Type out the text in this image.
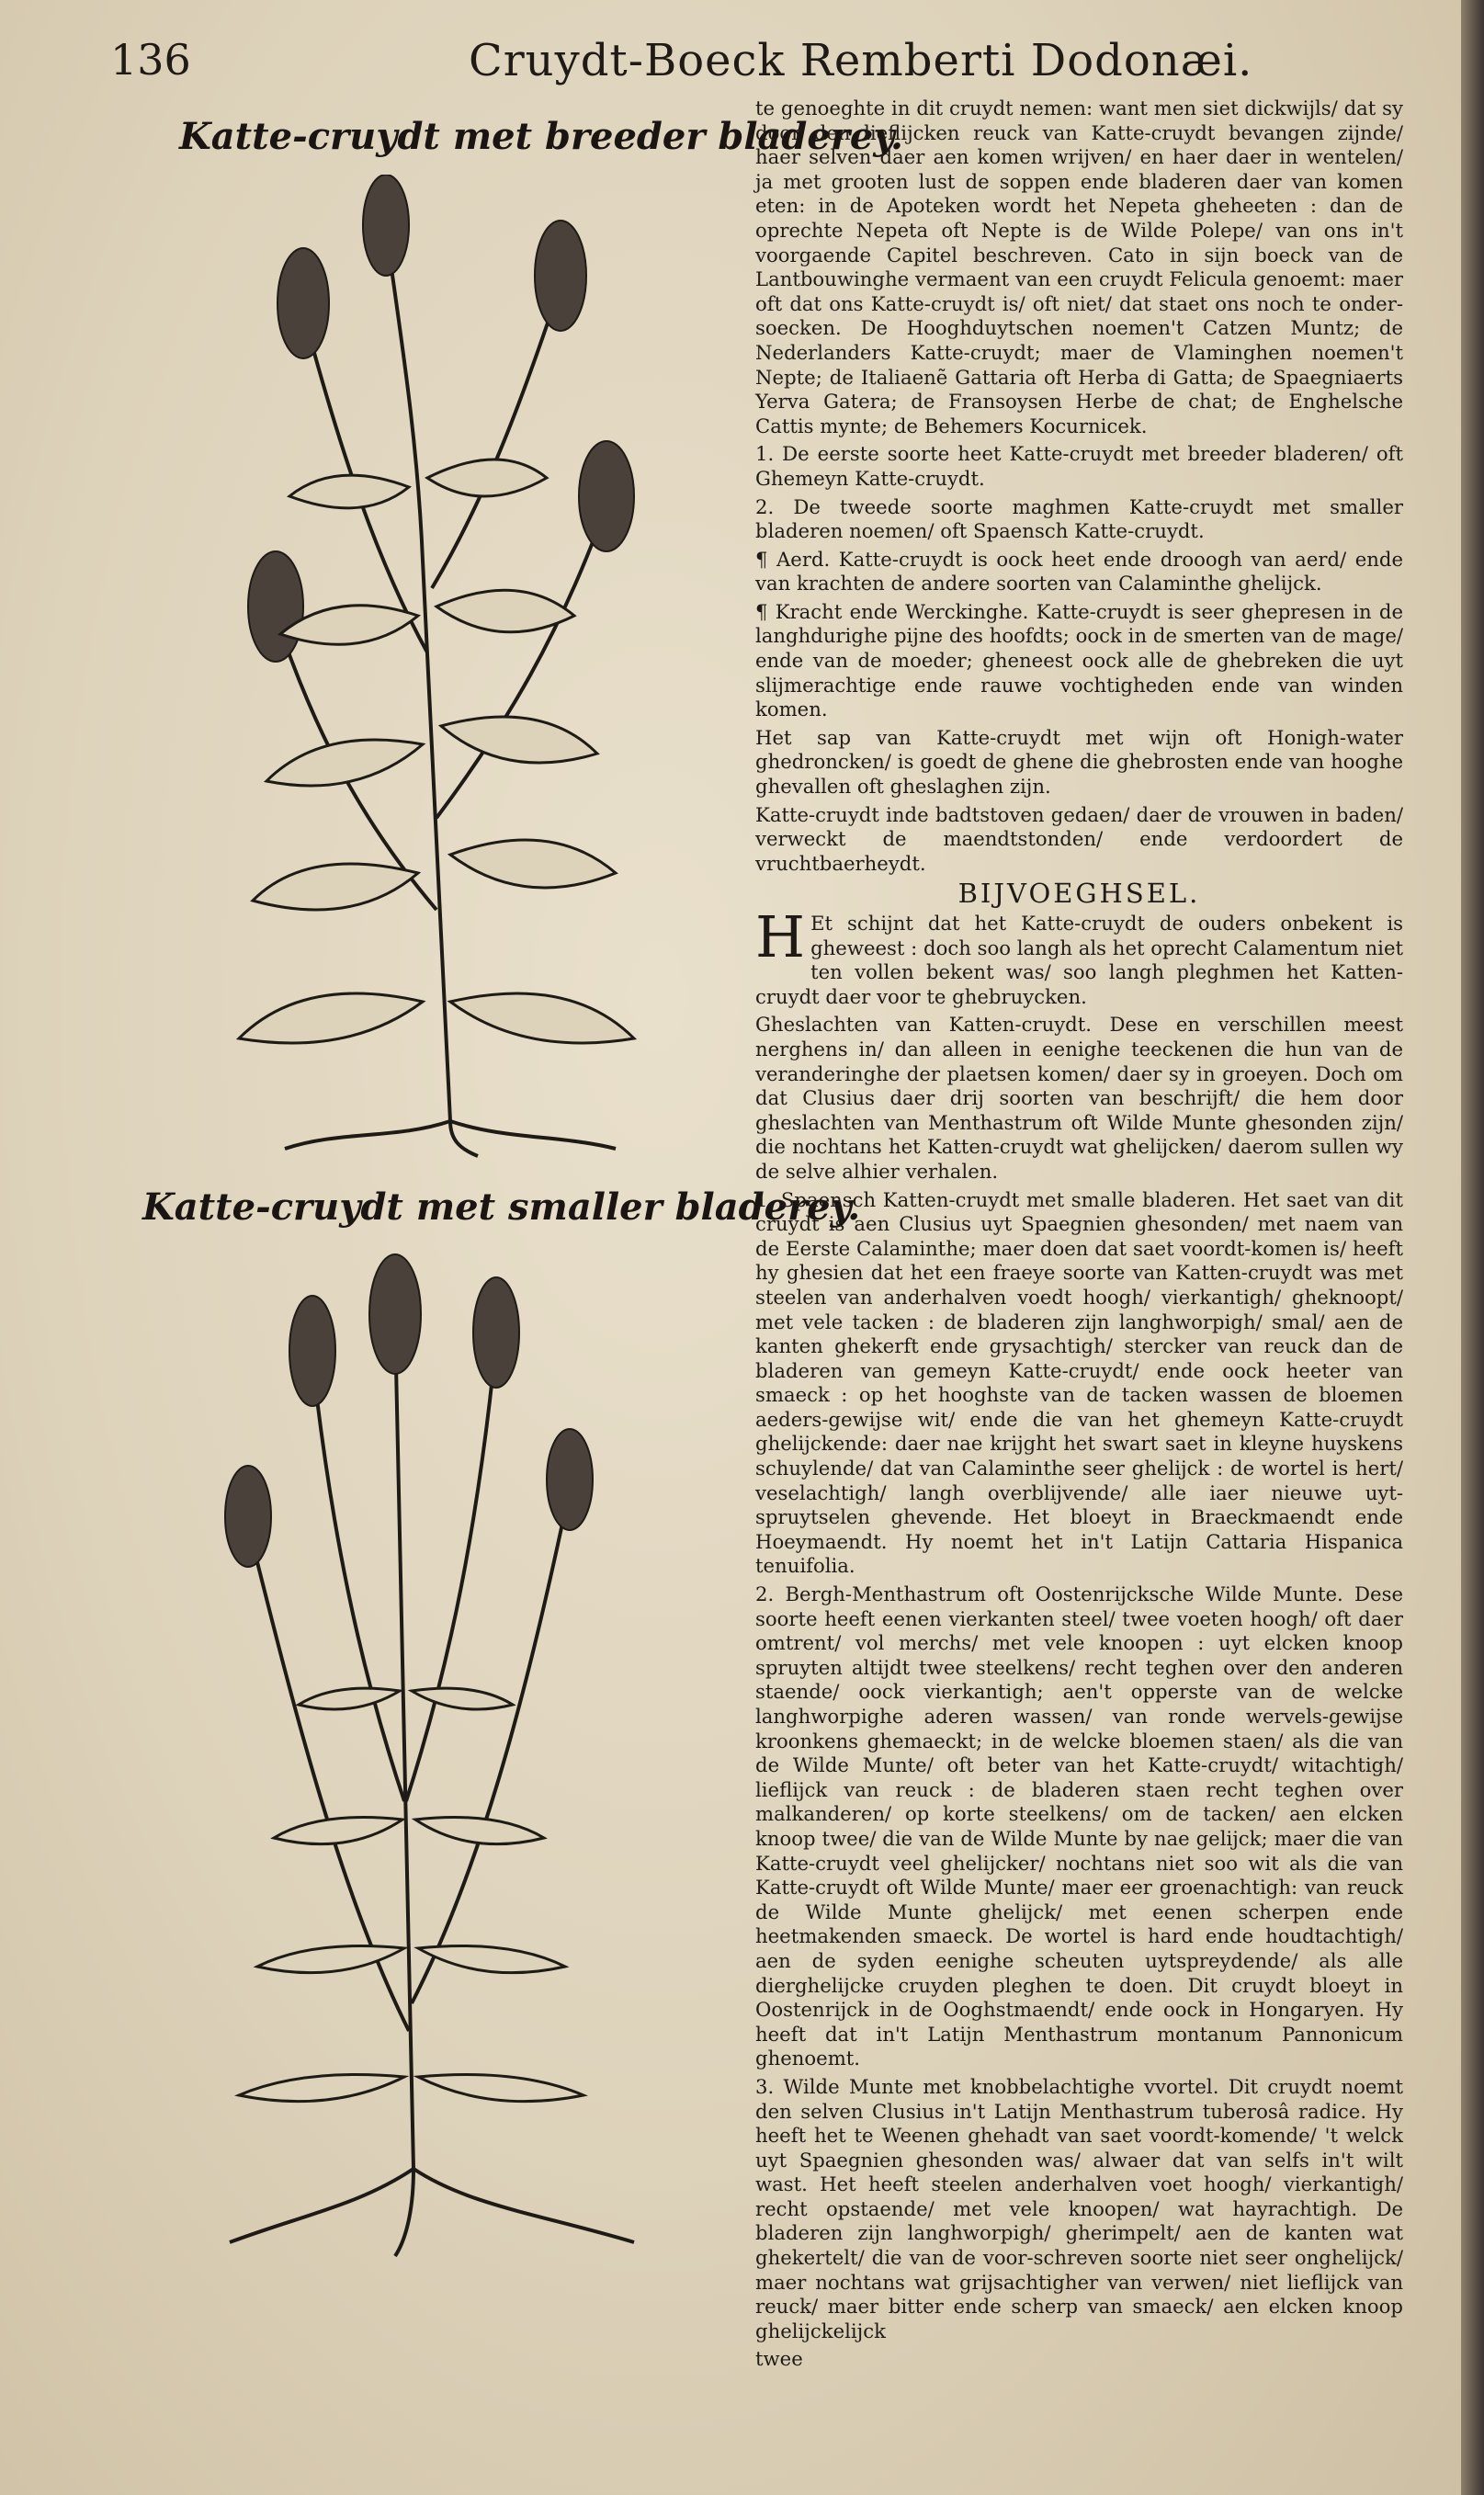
136	Cruydt-Boeck Remberti Dodonæi.
Katte-cruydt met breeder bladerey.
Katte-cruydt met smaller bladerey.

te genoeghte in dit cruydt nemen: want men siet dickwijls/ dat sy door den lieflijcken reuck van Katte-cruydt bevangen zijnde/ haer selven daer aen komen wrijven/ en haer daer in wentelen/ ja met grooten lust de soppen ende bladeren daer van komen eten: in de Apoteken wordt het Nepeta gheheeten : dan de oprechte Nepeta oft Nepte is de Wilde Polepe/ van ons in't voorgaende Capitel beschreven. Cato in sijn boeck van de Lantbouwinghe vermaent van een cruydt Felicula genoemt: maer oft dat ons Katte-cruydt is/ oft niet/ dat staet ons noch te onder-soecken. De Hooghduytschen noemen't Catzen Muntz; de Nederlanders Katte-cruydt; maer de Vlaminghen noemen't Nepte; de Italiaenẽ Gattaria oft Herba di Gatta; de Spaegniaerts Yerva Gatera; de Fransoysen Herbe de chat; de Enghelsche Cattis mynte; de Behemers Kocurnicek.

1. De eerste soorte heet Katte-cruydt met breeder bladeren/ oft Ghemeyn Katte-cruydt.

2. De tweede soorte maghmen Katte-cruydt met smaller bladeren noemen/ oft Spaensch Katte-cruydt.

¶ Aerd. Katte-cruydt is oock heet ende drooogh van aerd/ ende van krachten de andere soorten van Calaminthe ghelijck.

¶ Kracht ende Werckinghe. Katte-cruydt is seer ghepresen in de langhdurighe pijne des hoofdts; oock in de smerten van de mage/ ende van de moeder; gheneest oock alle de ghebreken die uyt slijmerachtige ende rauwe vochtigheden ende van winden komen.

Het sap van Katte-cruydt met wijn oft Honigh-water ghedroncken/ is goedt de ghene die ghebrosten ende van hooghe ghevallen oft gheslaghen zijn.

Katte-cruydt inde badtstoven gedaen/ daer de vrouwen in baden/ verweckt de maendtstonden/ ende verdoordert de vruchtbaerheydt.

BIJVOEGHSEL.

H Et schijnt dat het Katte-cruydt de ouders onbekent is gheweest : doch soo langh als het oprecht Calamentum niet ten vollen bekent was/ soo langh pleghmen het Katten-cruydt daer voor te ghebruycken.

Gheslachten van Katten-cruydt. Dese en verschillen meest nerghens in/ dan alleen in eenighe teeckenen die hun van de veranderinghe der plaetsen komen/ daer sy in groeyen. Doch om dat Clusius daer drij soorten van beschrijft/ die hem door gheslachten van Menthastrum oft Wilde Munte ghesonden zijn/ die nochtans het Katten-cruydt wat ghelijcken/ daerom sullen wy de selve alhier verhalen.

1. Spaensch Katten-cruydt met smalle bladeren. Het saet van dit cruydt is aen Clusius uyt Spaegnien ghesonden/ met naem van de Eerste Calaminthe; maer doen dat saet voordt-komen is/ heeft hy ghesien dat het een fraeye soorte van Katten-cruydt was met steelen van anderhalven voedt hoogh/ vierkantigh/ gheknoopt/ met vele tacken : de bladeren zijn langhworpigh/ smal/ aen de kanten ghekerft ende grysachtigh/ stercker van reuck dan de bladeren van gemeyn Katte-cruydt/ ende oock heeter van smaeck : op het hooghste van de tacken wassen de bloemen aeders-gewijse wit/ ende die van het ghemeyn Katte-cruydt ghelijckende: daer nae krijght het swart saet in kleyne huyskens schuylende/ dat van Calaminthe seer ghelijck : de wortel is hert/ veselachtigh/ langh overblijvende/ alle iaer nieuwe uyt-spruytselen ghevende. Het bloeyt in Braeckmaendt ende Hoeymaendt. Hy noemt het in't Latijn Cattaria Hispanica tenuifolia.

2. Bergh-Menthastrum oft Oostenrijcksche Wilde Munte. Dese soorte heeft eenen vierkanten steel/ twee voeten hoogh/ oft daer omtrent/ vol merchs/ met vele knoopen : uyt elcken knoop spruyten altijdt twee steelkens/ recht teghen over den anderen staende/ oock vierkantigh; aen't opperste van de welcke langhworpighe aderen wassen/ van ronde wervels-gewijse kroonkens ghemaeckt; in de welcke bloemen staen/ als die van de Wilde Munte/ oft beter van het Katte-cruydt/ witachtigh/ lieflijck van reuck : de bladeren staen recht teghen over malkanderen/ op korte steelkens/ om de tacken/ aen elcken knoop twee/ die van de Wilde Munte by nae gelijck; maer die van Katte-cruydt veel ghelijcker/ nochtans niet soo wit als die van Katte-cruydt oft Wilde Munte/ maer eer groenachtigh: van reuck de Wilde Munte ghelijck/ met eenen scherpen ende heetmakenden smaeck. De wortel is hard ende houdtachtigh/ aen de syden eenighe scheuten uytspreydende/ als alle dierghelijcke cruyden pleghen te doen. Dit cruydt bloeyt in Oostenrijck in de Ooghstmaendt/ ende oock in Hongaryen. Hy heeft dat in't Latijn Menthastrum montanum Pannonicum ghenoemt.

3. Wilde Munte met knobbelachtighe vvortel. Dit cruydt noemt den selven Clusius in't Latijn Menthastrum tuberosâ radice. Hy heeft het te Weenen ghehadt van saet voordt-komende/ 't welck uyt Spaegnien ghesonden was/ alwaer dat van selfs in't wilt wast. Het heeft steelen anderhalven voet hoogh/ vierkantigh/ recht opstaende/ met vele knoopen/ wat hayrachtigh. De bladeren zijn langhworpigh/ gherimpelt/ aen de kanten wat ghekertelt/ die van de voor-schreven soorte niet seer onghelijck/ maer nochtans wat grijsachtigher van verwen/ niet lieflijck van reuck/ maer bitter ende scherp van smaeck/ aen elcken knoop ghelijckelijck

twee
